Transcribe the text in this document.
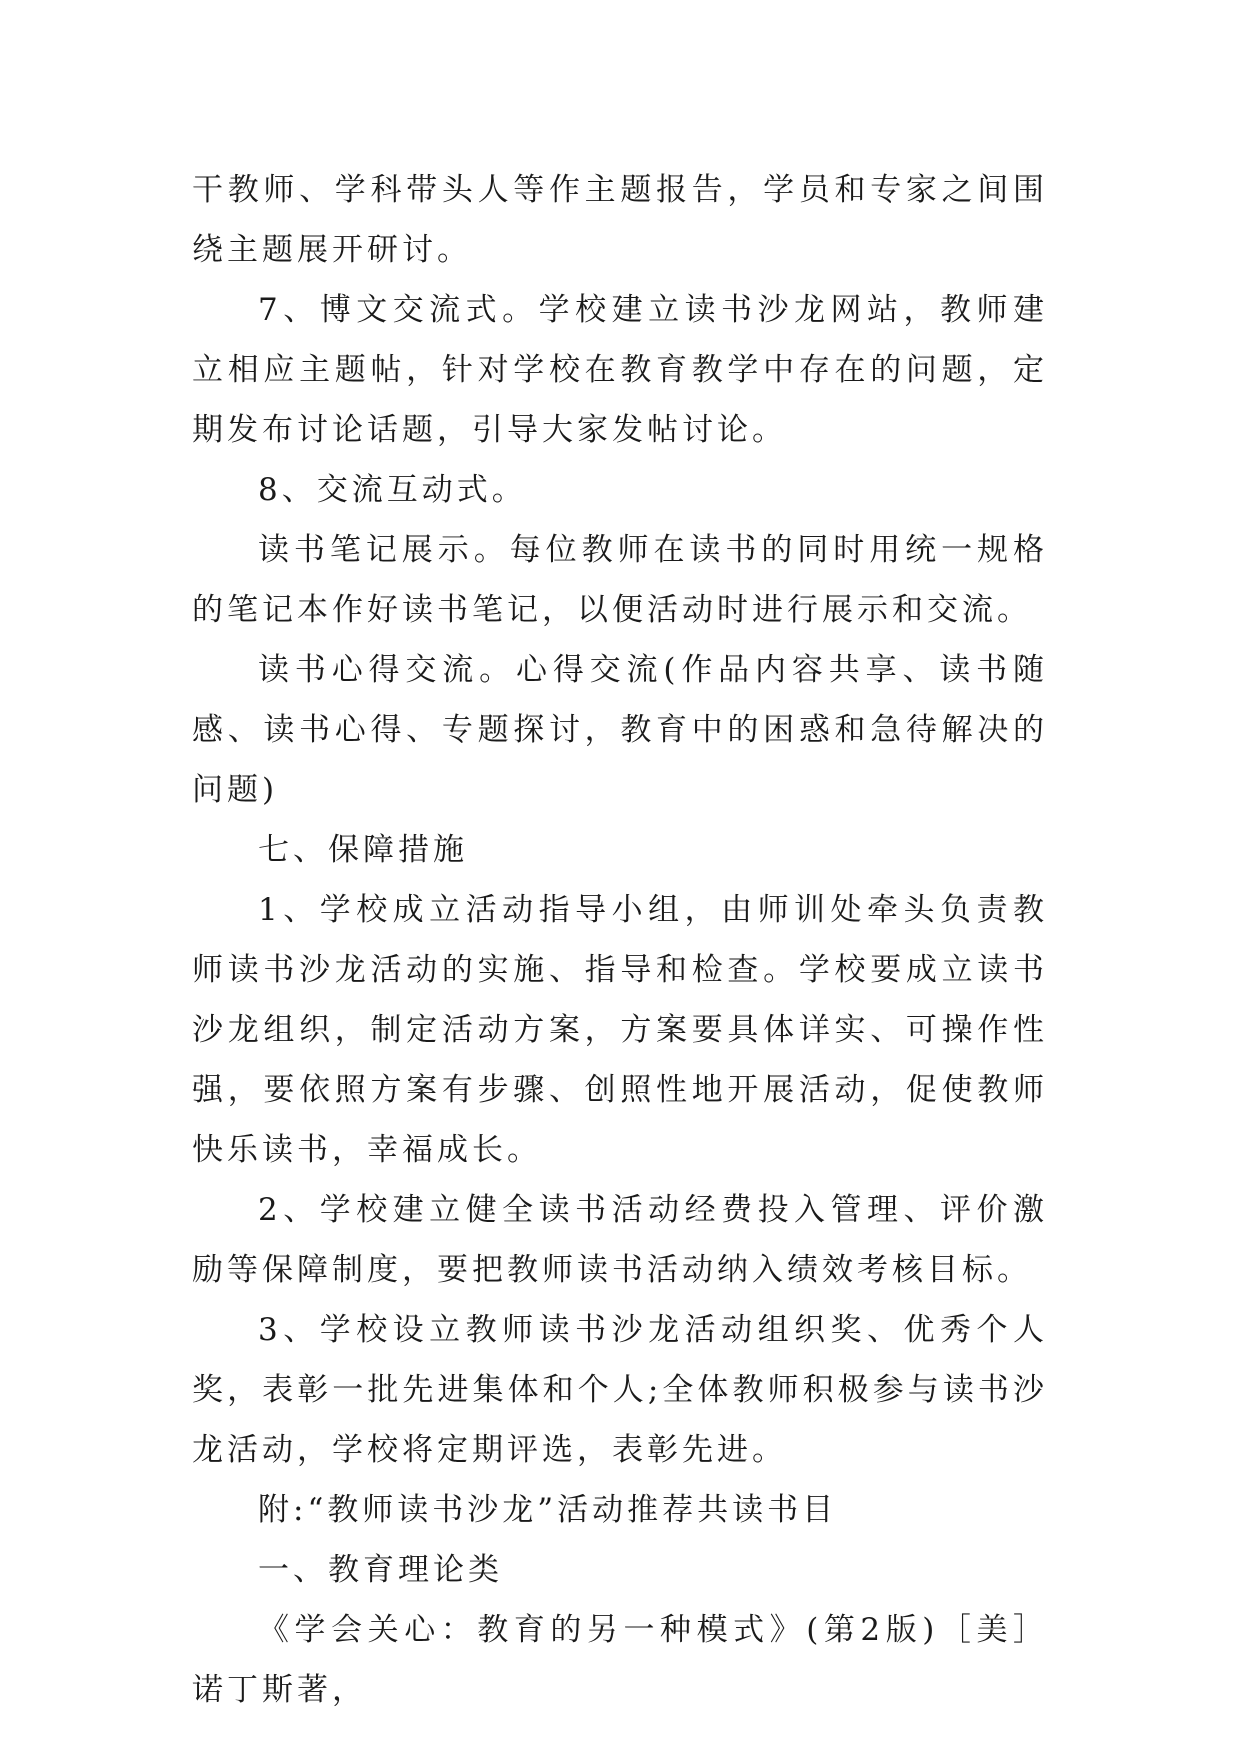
干教师、学科带头人等作主题报告，学员和专家之间围绕主题展开研讨。

7、博文交流式。学校建立读书沙龙网站，教师建立相应主题帖，针对学校在教育教学中存在的问题，定期发布讨论话题，引导大家发帖讨论。

8、交流互动式。

读书笔记展示。每位教师在读书的同时用统一规格的笔记本作好读书笔记，以便活动时进行展示和交流。

读书心得交流。心得交流(作品内容共享、读书随感、读书心得、专题探讨，教育中的困惑和急待解决的问题)

七、保障措施

1、学校成立活动指导小组，由师训处牵头负责教师读书沙龙活动的实施、指导和检查。学校要成立读书沙龙组织，制定活动方案，方案要具体详实、可操作性强，要依照方案有步骤、创照性地开展活动，促使教师快乐读书，幸福成长。

2、学校建立健全读书活动经费投入管理、评价激励等保障制度，要把教师读书活动纳入绩效考核目标。

3、学校设立教师读书沙龙活动组织奖、优秀个人奖，表彰一批先进集体和个人;全体教师积极参与读书沙龙活动，学校将定期评选，表彰先进。

附:“教师读书沙龙”活动推荐共读书目

一、教育理论类

《学会关心：教育的另一种模式》(第2版)［美］诺丁斯著，
